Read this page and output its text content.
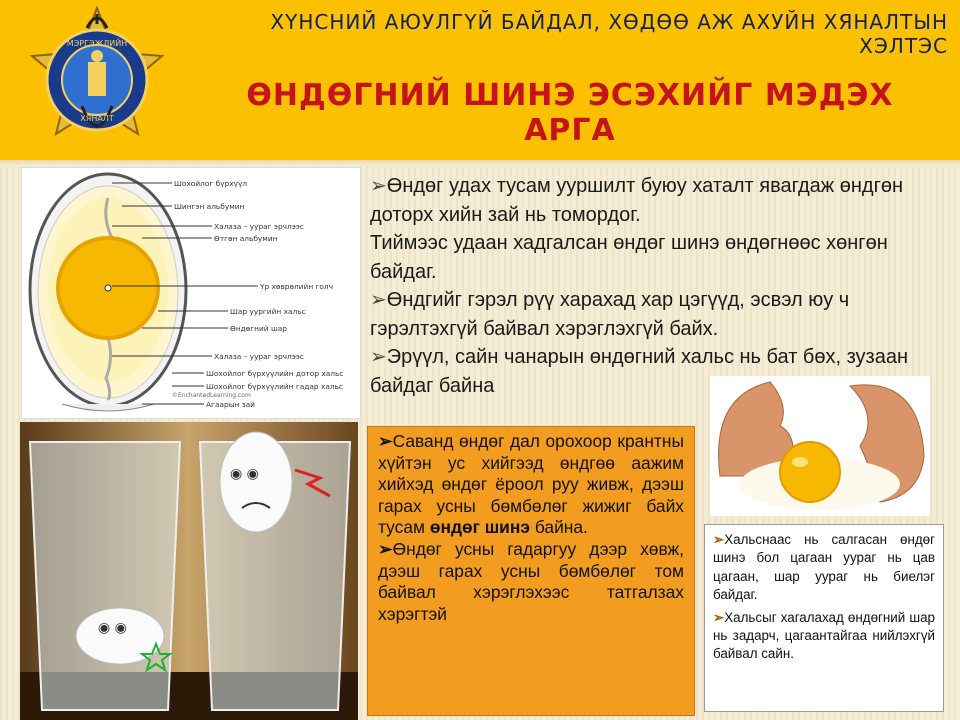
МЭРГЭЖЛИЙН
ХЯНАЛТ
ХҮНСНИЙ АЮУЛГҮЙ БАЙДАЛ, ХӨДӨӨ АЖ АХУЙН ХЯНАЛТЫН ХЭЛТЭС
ӨНДӨГНИЙ ШИНЭ ЭСЭХИЙГ МЭДЭХ АРГА
Шохойлог бүрхүүл
Шингэн альбумин
Халаза – уураг эрчлээс
Өтгөн альбумин
Үр хөврөлийн голч
Шар уургийн хальс
Өндөгний шар
Халаза – уураг эрчлээс
Шохойлог бүрхүүлийн дотор хальс
Шохойлог бүрхүүлийн гадар хальс
Агаарын зай
©EnchantedLearning.com

➢Өндөг удах тусам ууршилт буюу хаталт явагдаж өндгөн доторх хийн зай нь томордог.

Тиймээс удаан хадгалсан өндөг шинэ өндөгнөөс хөнгөн байдаг.

➢Өндгийг гэрэл рүү харахад хар цэгүүд, эсвэл юу ч гэрэлтэхгүй байвал хэрэглэхгүй байх.

➢Эрүүл, сайн чанарын өндөгний хальс нь бат бөх, зузаан байдаг байна

◉ ◉
◉ ◉

➢Саванд өндөг дал орохоор крантны хүйтэн ус хийгээд өндгөө аажим хийхэд өндөг ёроол руу живж, дээш гарах усны бөмбөлөг жижиг байх тусам өндөг шинэ байна.

➢Өндөг усны гадаргуу дээр хөвж, дээш гарах усны бөмбөлөг том байвал хэрэглэхээс татгалзах хэрэгтэй

➢Хальснаас нь салгасан өндөг шинэ бол цагаан уураг нь цав цагаан, шар уураг нь биелэг байдаг.

➢Хальсыг хагалахад өндөгний шар нь задарч, цагаантайгаа нийлэхгүй байвал сайн.
